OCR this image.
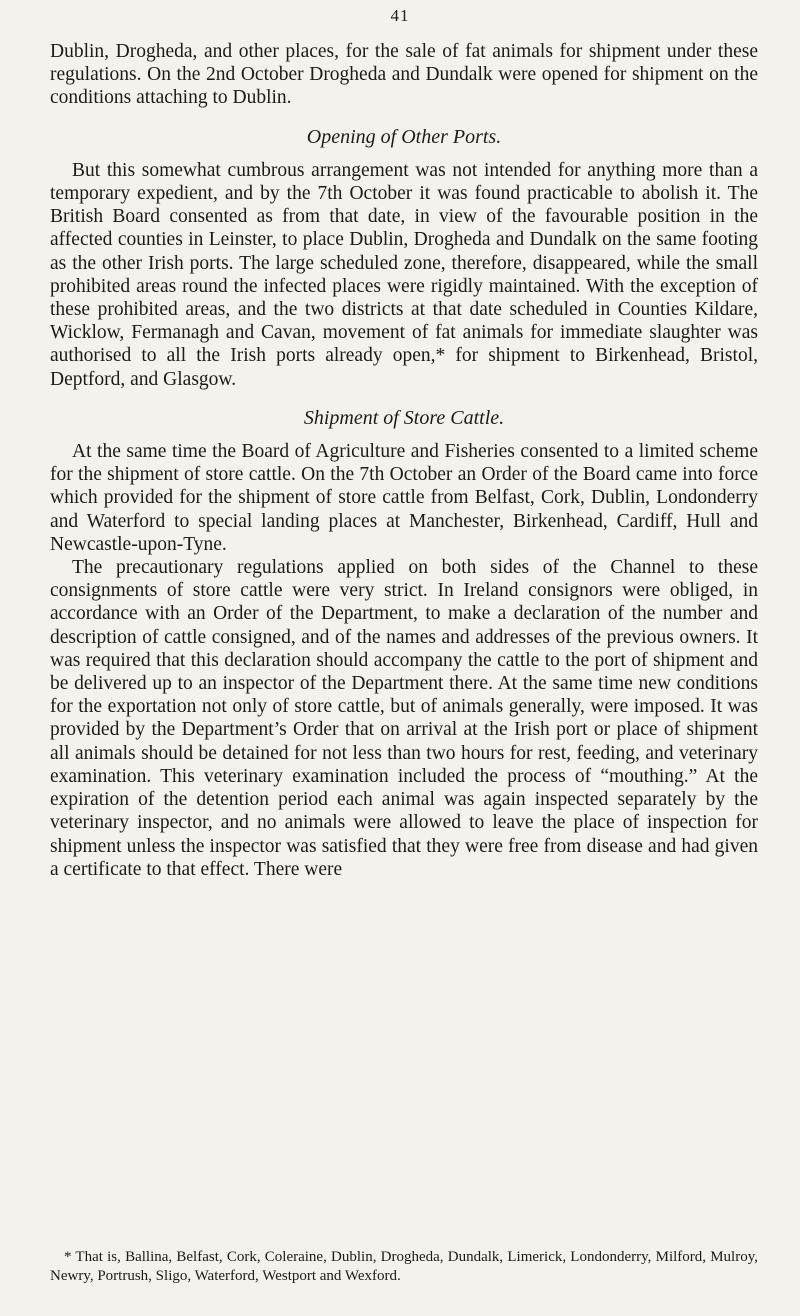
41

Dublin, Drogheda, and other places, for the sale of fat animals for shipment under these regulations. On the 2nd October Drogheda and Dundalk were opened for shipment on the conditions attaching to Dublin.

Opening of Other Ports.

But this somewhat cumbrous arrangement was not intended for anything more than a temporary expedient, and by the 7th October it was found practicable to abolish it. The British Board consented as from that date, in view of the favourable position in the affected counties in Leinster, to place Dublin, Drogheda and Dundalk on the same footing as the other Irish ports. The large scheduled zone, therefore, disappeared, while the small prohibited areas round the infected places were rigidly maintained. With the exception of these prohibited areas, and the two districts at that date scheduled in Counties Kildare, Wicklow, Fermanagh and Cavan, movement of fat animals for immediate slaughter was authorised to all the Irish ports already open,* for shipment to Birkenhead, Bristol, Deptford, and Glasgow.

Shipment of Store Cattle.

At the same time the Board of Agriculture and Fisheries consented to a limited scheme for the shipment of store cattle. On the 7th October an Order of the Board came into force which provided for the shipment of store cattle from Belfast, Cork, Dublin, Londonderry and Waterford to special landing places at Manchester, Birkenhead, Cardiff, Hull and Newcastle-upon-Tyne.

The precautionary regulations applied on both sides of the Channel to these consignments of store cattle were very strict. In Ireland consignors were obliged, in accordance with an Order of the Department, to make a declaration of the number and description of cattle consigned, and of the names and addresses of the previous owners. It was required that this declaration should accompany the cattle to the port of shipment and be delivered up to an inspector of the Department there. At the same time new conditions for the exportation not only of store cattle, but of animals generally, were imposed. It was provided by the Department’s Order that on arrival at the Irish port or place of shipment all animals should be detained for not less than two hours for rest, feeding, and veterinary examination. This veterinary examination included the process of “mouthing.” At the expiration of the detention period each animal was again inspected separately by the veterinary inspector, and no animals were allowed to leave the place of inspection for shipment unless the inspector was satisfied that they were free from disease and had given a certificate to that effect. There were

* That is, Ballina, Belfast, Cork, Coleraine, Dublin, Drogheda, Dundalk, Limerick, Londonderry, Milford, Mulroy, Newry, Portrush, Sligo, Waterford, Westport and Wexford.
